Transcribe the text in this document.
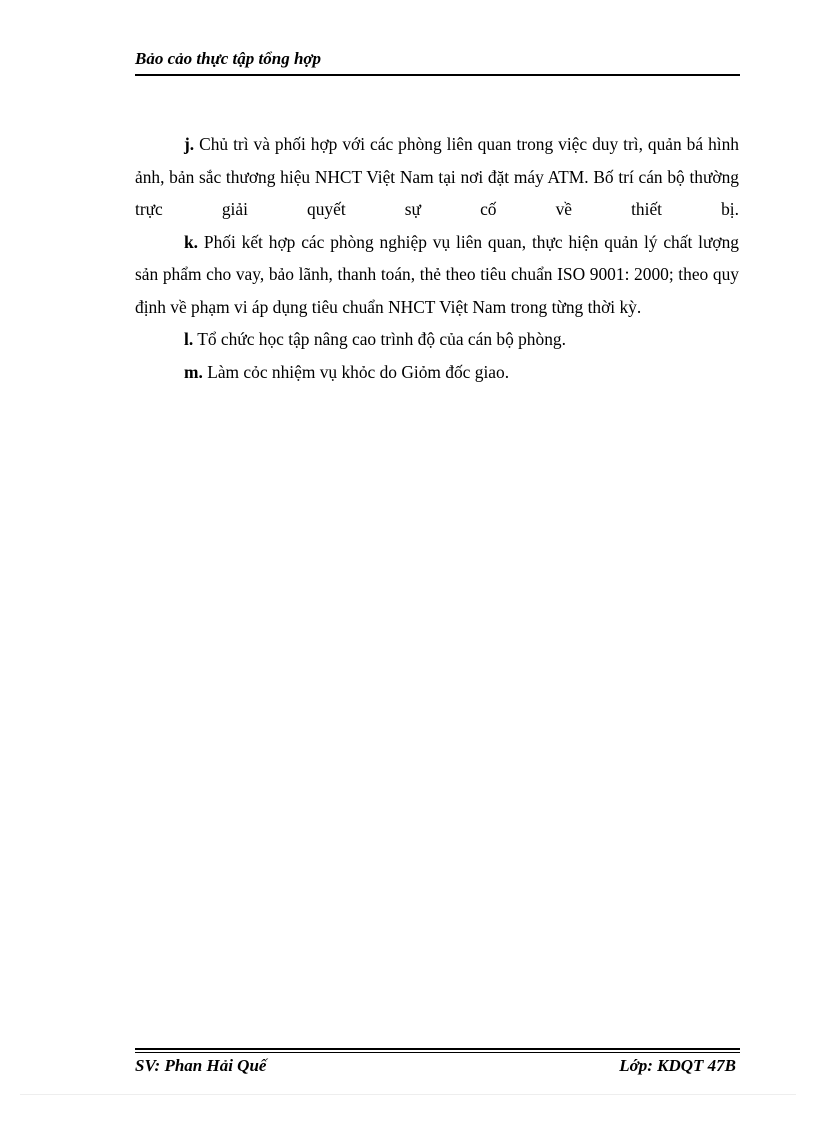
Bảo cảo thực tập tổng hợp

j. Chủ trì và phối hợp với các phòng liên quan trong việc duy trì, quản bá hình ảnh, bản sắc thương hiệu NHCT Việt Nam tại nơi đặt máy ATM. Bố trí cán bộ thường trực giải quyết sự cố về thiết bị.

k. Phối kết hợp các phòng nghiệp vụ liên quan, thực hiện quản lý chất lượng sản phẩm cho vay, bảo lãnh, thanh toán, thẻ theo tiêu chuẩn ISO 9001: 2000; theo quy định về phạm vi áp dụng tiêu chuẩn NHCT Việt Nam trong từng thời kỳ.

l. Tổ chức học tập nâng cao trình độ của cán bộ phòng.

m. Làm cỏc nhiệm vụ khỏc do Giỏm đốc giao.

SV: Phan Hải Quế	Lớp: KDQT 47B
